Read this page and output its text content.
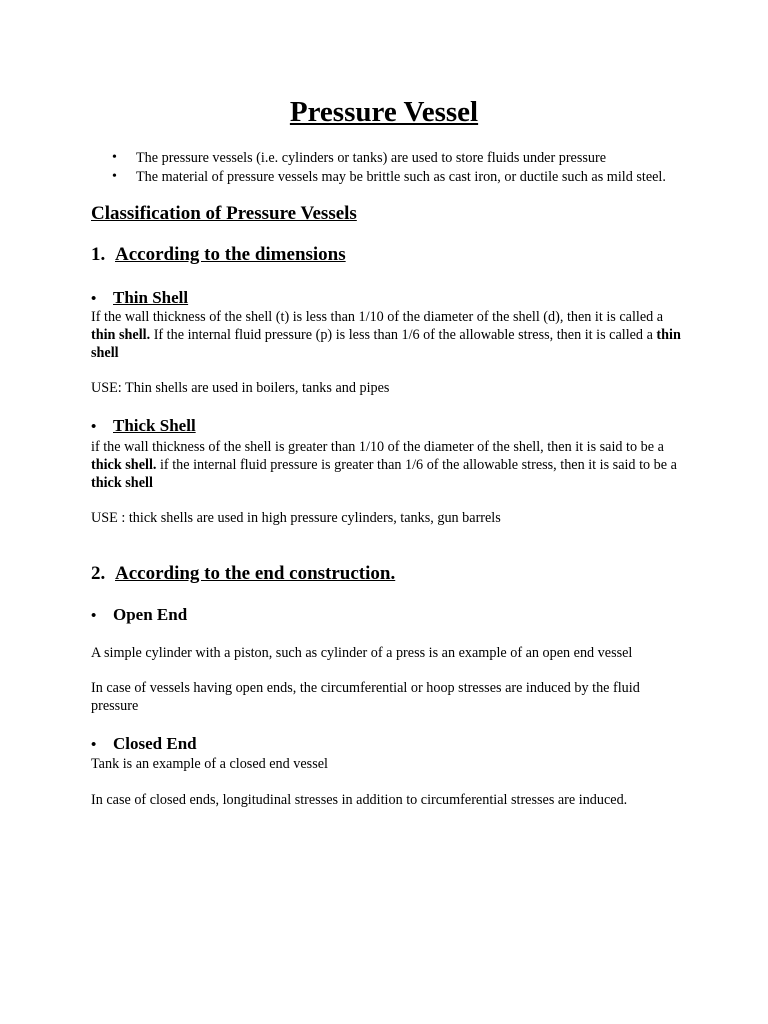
Pressure Vessel
• The pressure vessels (i.e. cylinders or tanks) are used to store fluids under pressure
• The material of pressure vessels may be brittle such as cast iron, or ductile such as mild steel.
Classification of Pressure Vessels
1. According to the dimensions
• Thin Shell
If the wall thickness of the shell (t) is less than 1/10 of the diameter of the shell (d), then it is called a thin shell. If the internal fluid pressure (p) is less than 1/6 of the allowable stress, then it is called a thin shell
USE: Thin shells are used in boilers, tanks and pipes
• Thick Shell
if the wall thickness of the shell is greater than 1/10 of the diameter of the shell, then it is said to be a thick shell. if the internal fluid pressure is greater than 1/6 of the allowable stress, then it is said to be a thick shell
USE : thick shells are used in high pressure cylinders, tanks, gun barrels
2. According to the end construction.
• Open End
A simple cylinder with a piston, such as cylinder of a press is an example of an open end vessel
In case of vessels having open ends, the circumferential or hoop stresses are induced by the fluid pressure
• Closed End
Tank is an example of a closed end vessel
In case of closed ends, longitudinal stresses in addition to circumferential stresses are induced.
